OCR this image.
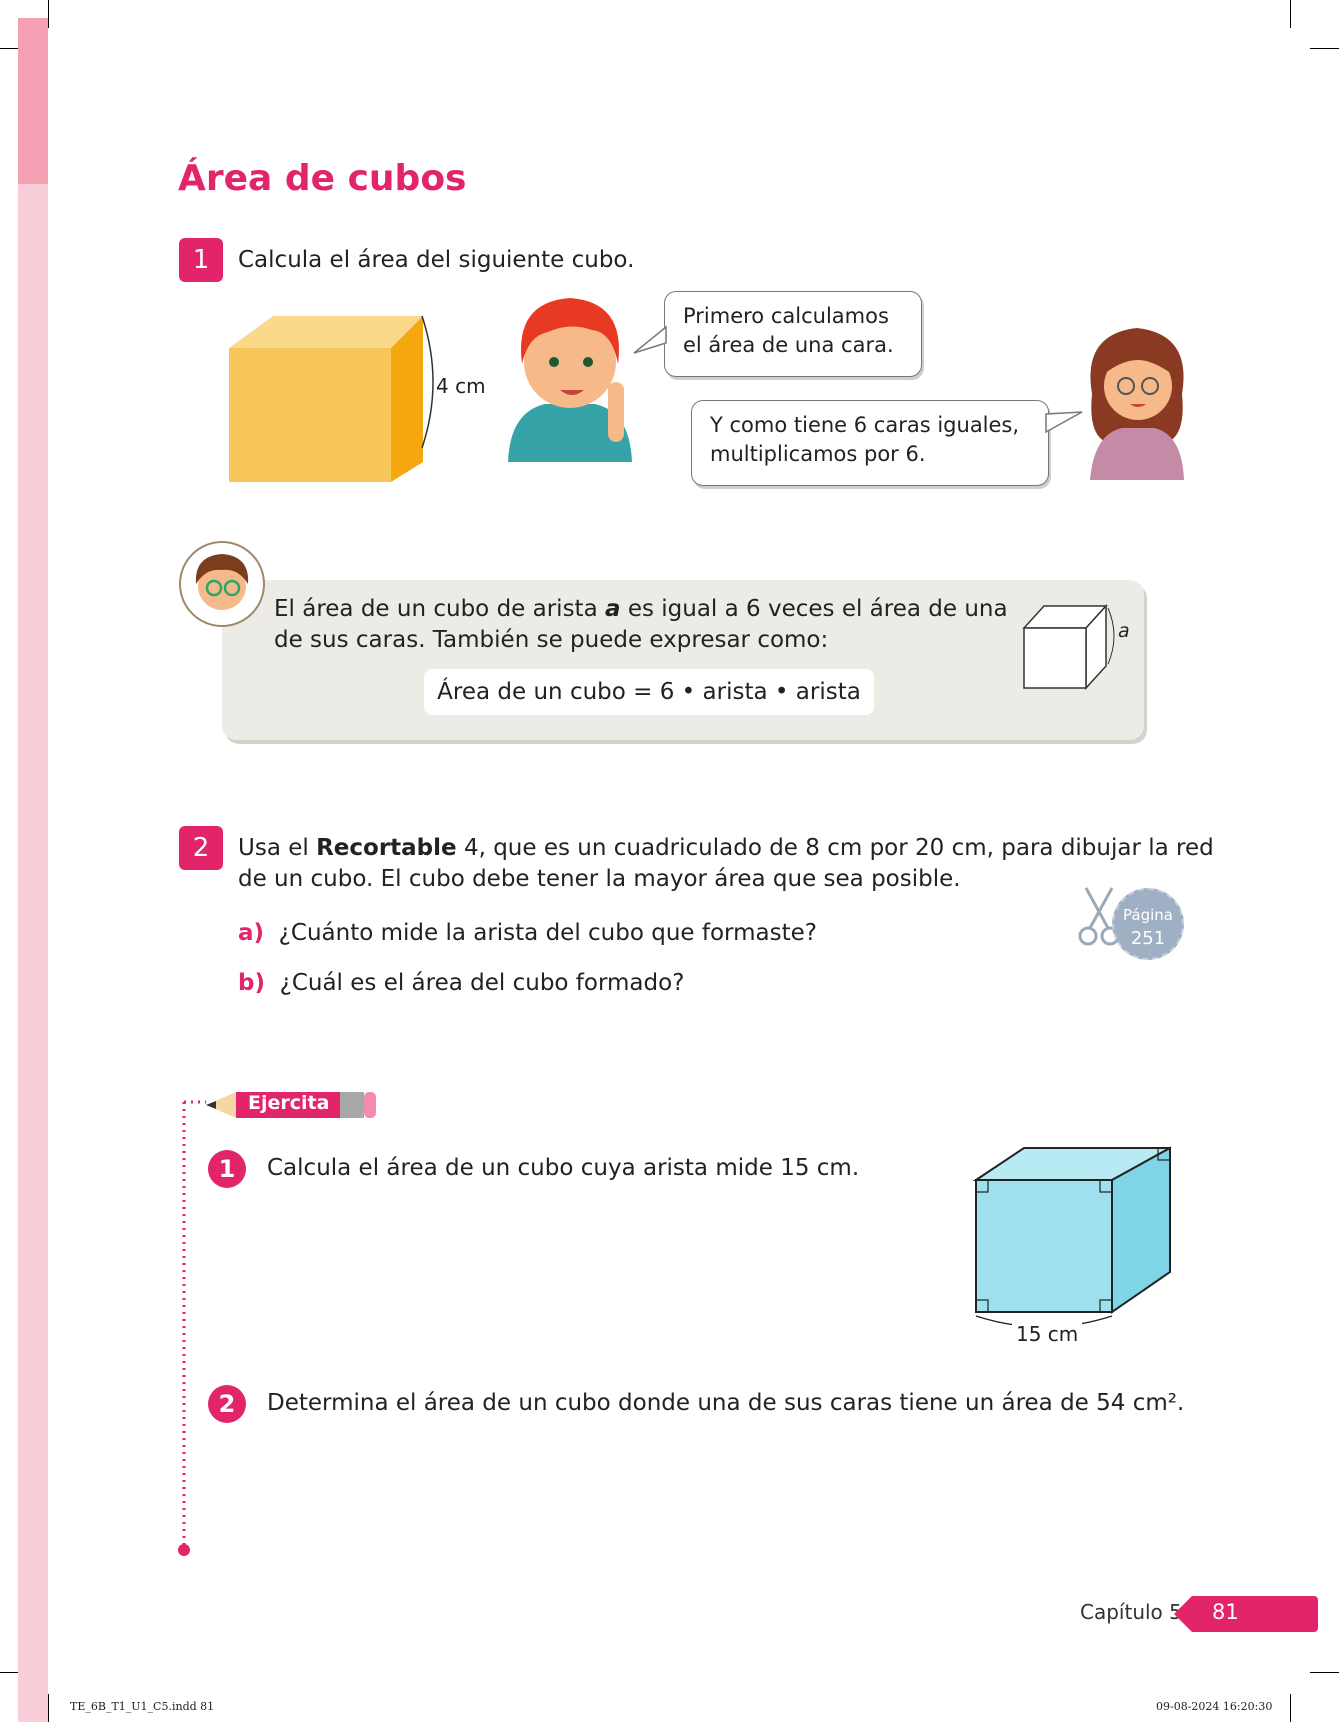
Área de cubos
1	Calcula el área del siguiente cubo.
4 cm
Primero calculamos el área de una cara.
Y como tiene 6 caras iguales, multiplicamos por 6.
El área de un cubo de arista a es igual a 6 veces el área de una de sus caras. También se puede expresar como:
Área de un cubo = 6 • arista • arista
a
2	Usa el Recortable 4, que es un cuadriculado de 8 cm por 20 cm, para dibujar la red de un cubo. El cubo debe tener la mayor área que sea posible.
a) ¿Cuánto mide la arista del cubo que formaste?
b) ¿Cuál es el área del cubo formado?
Página
251
Ejercita
1	Calcula el área de un cubo cuya arista mide 15 cm.
15 cm
2	Determina el área de un cubo donde una de sus caras tiene un área de 54 cm².
Capítulo 5 81
TE_6B_T1_U1_C5.indd 81	09-08-2024 16:20:30
